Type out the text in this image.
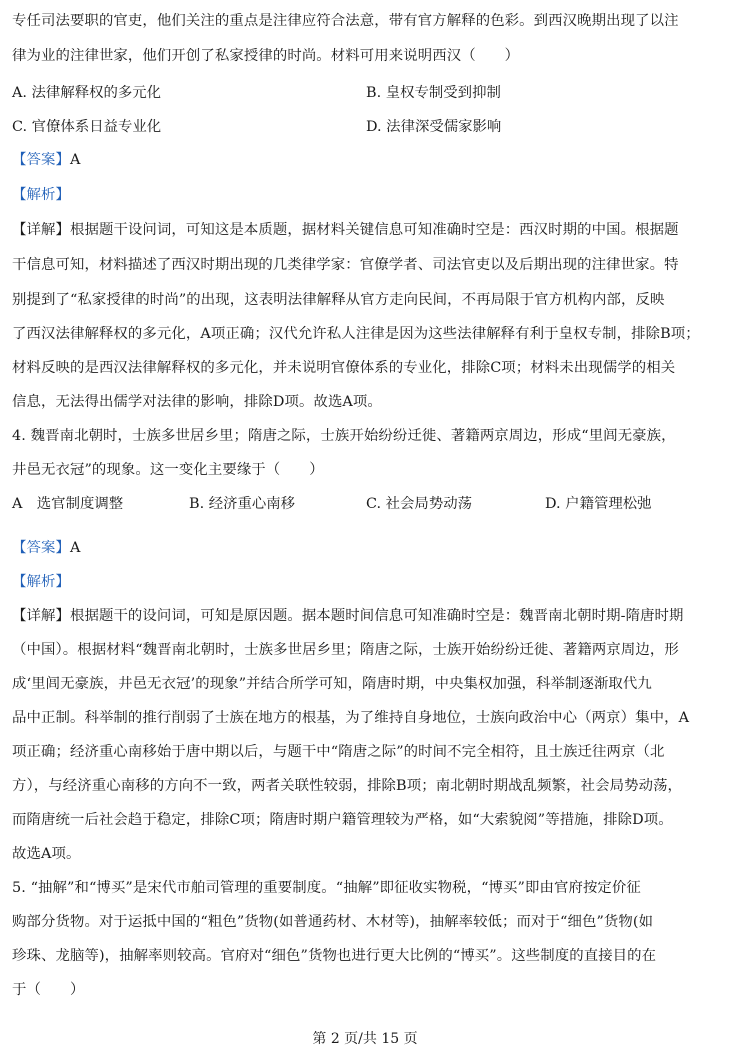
专任司法要职的官吏，他们关注的重点是注律应符合法意，带有官方解释的色彩。到西汉晚期出现了以注
律为业的注律世家，他们开创了私家授律的时尚。材料可用来说明西汉（　　）
A. 法律解释权的多元化	B. 皇权专制受到抑制
C. 官僚体系日益专业化	D. 法律深受儒家影响
【答案】A
【解析】
【详解】根据题干设问词，可知这是本质题，据材料关键信息可知准确时空是：西汉时期的中国。根据题
干信息可知，材料描述了西汉时期出现的几类律学家：官僚学者、司法官吏以及后期出现的注律世家。特
别提到了“私家授律的时尚”的出现，这表明法律解释从官方走向民间，不再局限于官方机构内部，反映
了西汉法律解释权的多元化，A项正确；汉代允许私人注律是因为这些法律解释有利于皇权专制，排除B项；
材料反映的是西汉法律解释权的多元化，并未说明官僚体系的专业化，排除C项；材料未出现儒学的相关
信息，无法得出儒学对法律的影响，排除D项。故选A项。
4. 魏晋南北朝时，士族多世居乡里；隋唐之际，士族开始纷纷迁徙、著籍两京周边，形成“里闾无豪族，
井邑无衣冠”的现象。这一变化主要缘于（　　）
A　选官制度调整	B. 经济重心南移	C. 社会局势动荡	D. 户籍管理松弛
【答案】A
【解析】
【详解】根据题干的设问词，可知是原因题。据本题时间信息可知准确时空是：魏晋南北朝时期-隋唐时期
（中国）。根据材料“魏晋南北朝时，士族多世居乡里；隋唐之际，士族开始纷纷迁徙、著籍两京周边，形
成‘里闾无豪族，井邑无衣冠’的现象”并结合所学可知，隋唐时期，中央集权加强，科举制逐渐取代九
品中正制。科举制的推行削弱了士族在地方的根基，为了维持自身地位，士族向政治中心（两京）集中，A
项正确；经济重心南移始于唐中期以后，与题干中“隋唐之际”的时间不完全相符，且士族迁往两京（北
方），与经济重心南移的方向不一致，两者关联性较弱，排除B项；南北朝时期战乱频繁，社会局势动荡，
而隋唐统一后社会趋于稳定，排除C项；隋唐时期户籍管理较为严格，如“大索貌阅”等措施，排除D项。
故选A项。
5. “抽解”和“博买”是宋代市舶司管理的重要制度。“抽解”即征收实物税，“博买”即由官府按定价征
购部分货物。对于运抵中国的“粗色”货物(如普通药材、木材等)，抽解率较低；而对于“细色”货物(如
珍珠、龙脑等)，抽解率则较高。官府对“细色”货物也进行更大比例的“博买”。这些制度的直接目的在
于（　　）
第 2 页/共 15 页
